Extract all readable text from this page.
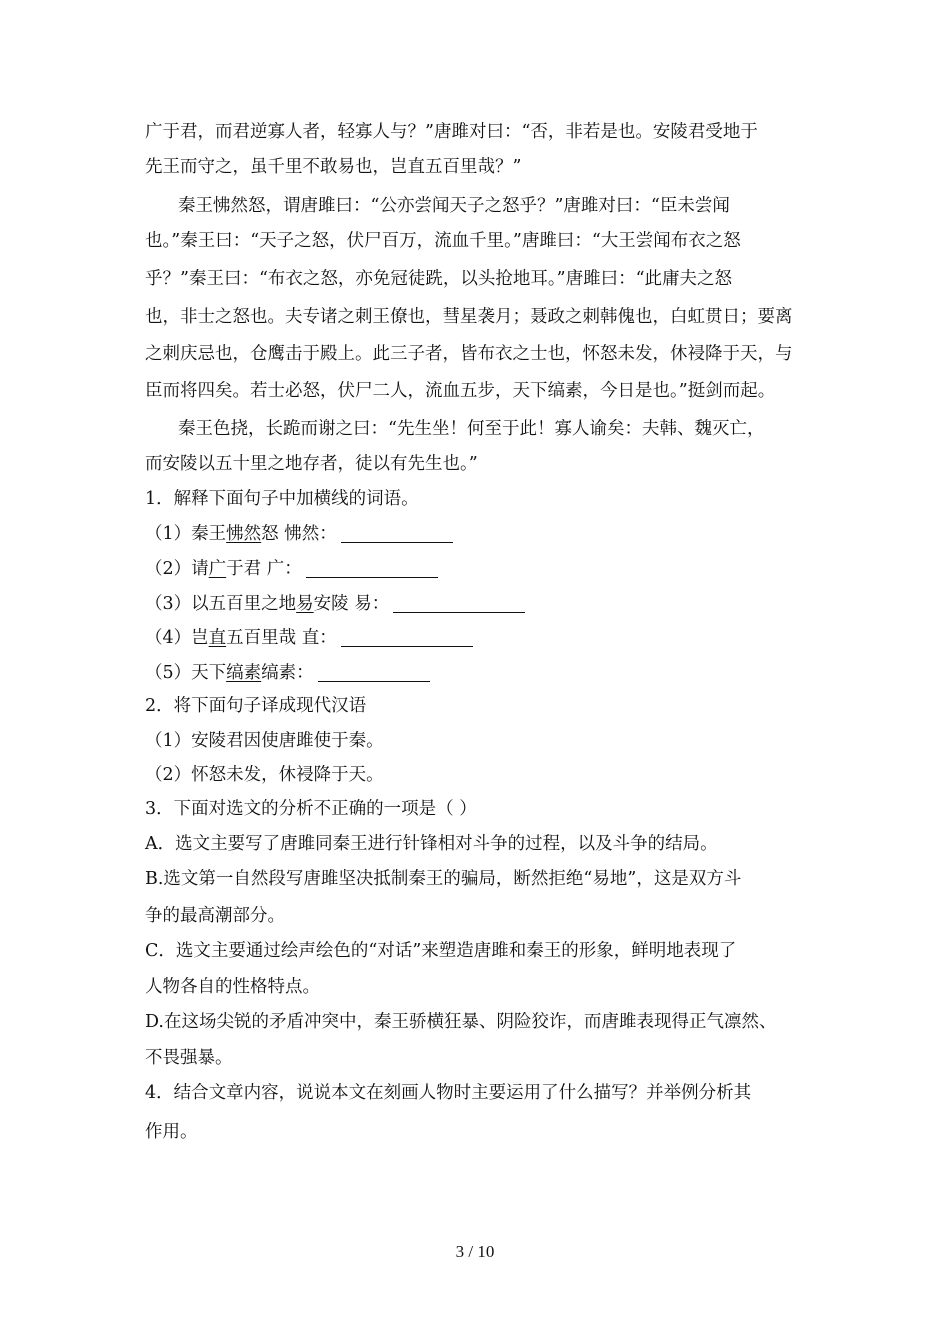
广于君，而君逆寡人者，轻寡人与？”唐雎对曰：“否，非若是也。安陵君受地于
先王而守之，虽千里不敢易也，岂直五百里哉？”
秦王怫然怒，谓唐雎曰：“公亦尝闻天子之怒乎？”唐雎对曰：“臣未尝闻
也。”秦王曰：“天子之怒，伏尸百万，流血千里。”唐雎曰：“大王尝闻布衣之怒
乎？”秦王曰：“布衣之怒，亦免冠徒跣，以头抢地耳。”唐雎曰：“此庸夫之怒
也，非士之怒也。夫专诸之刺王僚也，彗星袭月；聂政之刺韩傀也，白虹贯日；要离
之刺庆忌也，仓鹰击于殿上。此三子者，皆布衣之士也，怀怒未发，休祲降于天，与
臣而将四矣。若士必怒，伏尸二人，流血五步，天下缟素，今日是也。”挺剑而起。
秦王色挠，长跪而谢之曰：“先生坐！何至于此！寡人谕矣：夫韩、魏灭亡，
而安陵以五十里之地存者，徒以有先生也。”
1．解释下面句子中加横线的词语。
（1）秦王怫然怒 怫然：
（2）请广于君 广：
（3）以五百里之地易安陵 易：
（4）岂直五百里哉 直：
（5）天下缟素缟素：
2．将下面句子译成现代汉语
（1）安陵君因使唐雎使于秦。
（2）怀怒未发，休祲降于天。
3．下面对选文的分析不正确的一项是（ ）
A．选文主要写了唐雎同秦王进行针锋相对斗争的过程，以及斗争的结局。
B.选文第一自然段写唐雎坚决抵制秦王的骗局，断然拒绝“易地”，这是双方斗
争的最高潮部分。
C．选文主要通过绘声绘色的“对话”来塑造唐雎和秦王的形象，鲜明地表现了
人物各自的性格特点。
D.在这场尖锐的矛盾冲突中，秦王骄横狂暴、阴险狡诈，而唐雎表现得正气凛然、
不畏强暴。
4．结合文章内容，说说本文在刻画人物时主要运用了什么描写？并举例分析其
作用。
3 / 10
